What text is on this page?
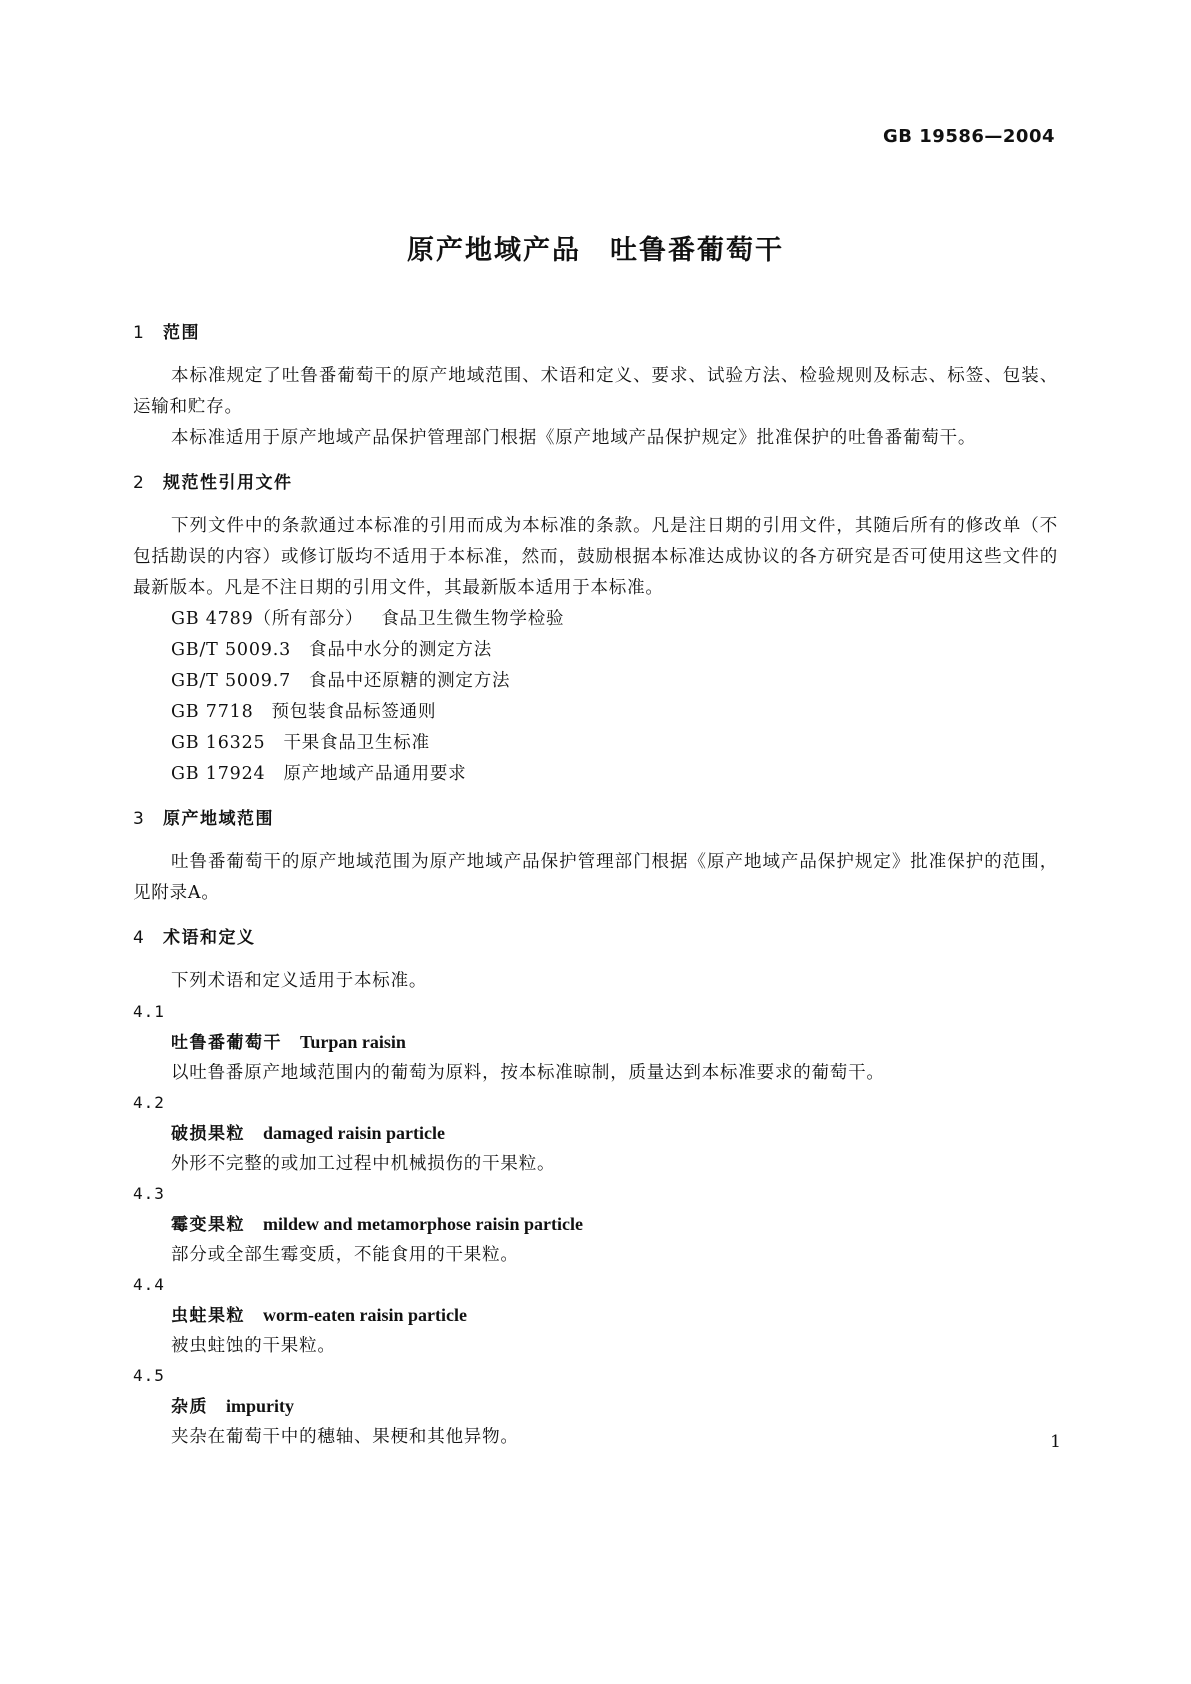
GB 19586—2004
原产地域产品　吐鲁番葡萄干
1 范围

本标准规定了吐鲁番葡萄干的原产地域范围、术语和定义、要求、试验方法、检验规则及标志、标签、包装、运输和贮存。

本标准适用于原产地域产品保护管理部门根据《原产地域产品保护规定》批准保护的吐鲁番葡萄干。

2 规范性引用文件

下列文件中的条款通过本标准的引用而成为本标准的条款。凡是注日期的引用文件，其随后所有的修改单（不包括勘误的内容）或修订版均不适用于本标准，然而，鼓励根据本标准达成协议的各方研究是否可使用这些文件的最新版本。凡是不注日期的引用文件，其最新版本适用于本标准。

GB 4789（所有部分） 食品卫生微生物学检验
GB/T 5009.3 食品中水分的测定方法
GB/T 5009.7 食品中还原糖的测定方法
GB 7718 预包装食品标签通则
GB 16325 干果食品卫生标准
GB 17924 原产地域产品通用要求
3 原产地域范围

吐鲁番葡萄干的原产地域范围为原产地域产品保护管理部门根据《原产地域产品保护规定》批准保护的范围，见附录A。

4 术语和定义

下列术语和定义适用于本标准。

4.1
吐鲁番葡萄干 Turpan raisin
以吐鲁番原产地域范围内的葡萄为原料，按本标准晾制，质量达到本标准要求的葡萄干。
4.2
破损果粒 damaged raisin particle
外形不完整的或加工过程中机械损伤的干果粒。
4.3
霉变果粒 mildew and metamorphose raisin particle
部分或全部生霉变质，不能食用的干果粒。
4.4
虫蛀果粒 worm-eaten raisin particle
被虫蛀蚀的干果粒。
4.5
杂质 impurity
夹杂在葡萄干中的穗轴、果梗和其他异物。	1
